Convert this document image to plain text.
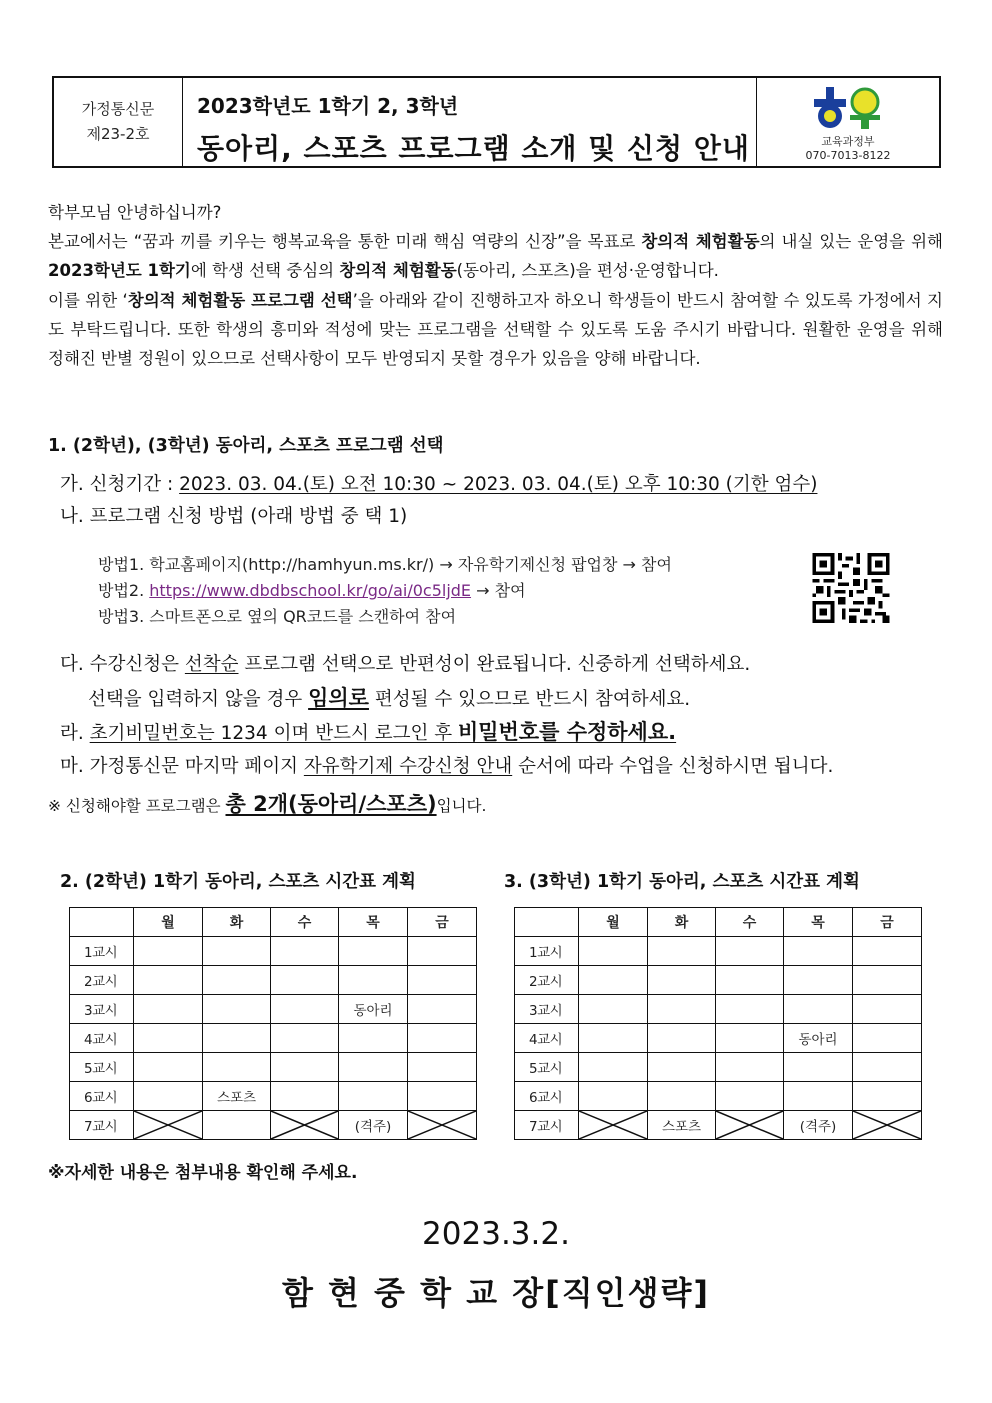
가정통신문
제23-2호
2023학년도 1학기 2, 3학년
동아리, 스포츠 프로그램 소개 및 신청 안내	교육과정부
070-7013-8122

학부모님 안녕하십니까?

본교에서는 “꿈과 끼를 키우는 행복교육을 통한 미래 핵심 역량의 신장”을 목표로 창의적 체험활동의 내실 있는 운영을 위해 2023학년도 1학기에 학생 선택 중심의 창의적 체험활동(동아리, 스포츠)을 편성·운영합니다.

이를 위한 ‘창의적 체험활동 프로그램 선택’을 아래와 같이 진행하고자 하오니 학생들이 반드시 참여할 수 있도록 가정에서 지도 부탁드립니다. 또한 학생의 흥미와 적성에 맞는 프로그램을 선택할 수 있도록 도움 주시기 바랍니다. 원활한 운영을 위해 정해진 반별 정원이 있으므로 선택사항이 모두 반영되지 못할 경우가 있음을 양해 바랍니다.

1. (2학년), (3학년) 동아리, 스포츠 프로그램 선택
가. 신청기간 : 2023. 03. 04.(토) 오전 10:30 ~ 2023. 03. 04.(토) 오후 10:30 (기한 엄수)
나. 프로그램 신청 방법 (아래 방법 중 택 1)
방법1. 학교홈페이지(http://hamhyun.ms.kr/) → 자유학기제신청 팝업창 → 참여
방법2. https://www.dbdbschool.kr/go/ai/0c5ljdE → 참여
방법3. 스마트폰으로 옆의 QR코드를 스캔하여 참여
다. 수강신청은 선착순 프로그램 선택으로 반편성이 완료됩니다. 신중하게 선택하세요.
선택을 입력하지 않을 경우 임의로 편성될 수 있으므로 반드시 참여하세요.
라. 초기비밀번호는 1234 이며 반드시 로그인 후 비밀번호를 수정하세요.
마. 가정통신문 마지막 페이지 자유학기제 수강신청 안내 순서에 따라 수업을 신청하시면 됩니다.
※ 신청해야할 프로그램은 총 2개(동아리/스포츠)입니다.
2. (2학년) 1학기 동아리, 스포츠 시간표 계획	3. (3학년) 1학기 동아리, 스포츠 시간표 계획
	월	화	수	목	금
1교시					
2교시					
3교시				동아리	
4교시					
5교시					
6교시		스포츠			
7교시				(격주)	
	월	화	수	목	금
1교시					
2교시					
3교시					
4교시				동아리	
5교시					
6교시					
7교시		스포츠		(격주)	
※자세한 내용은 첨부내용 확인해 주세요.
2023.3.2.
함 현 중 학 교 장[직인생략]
